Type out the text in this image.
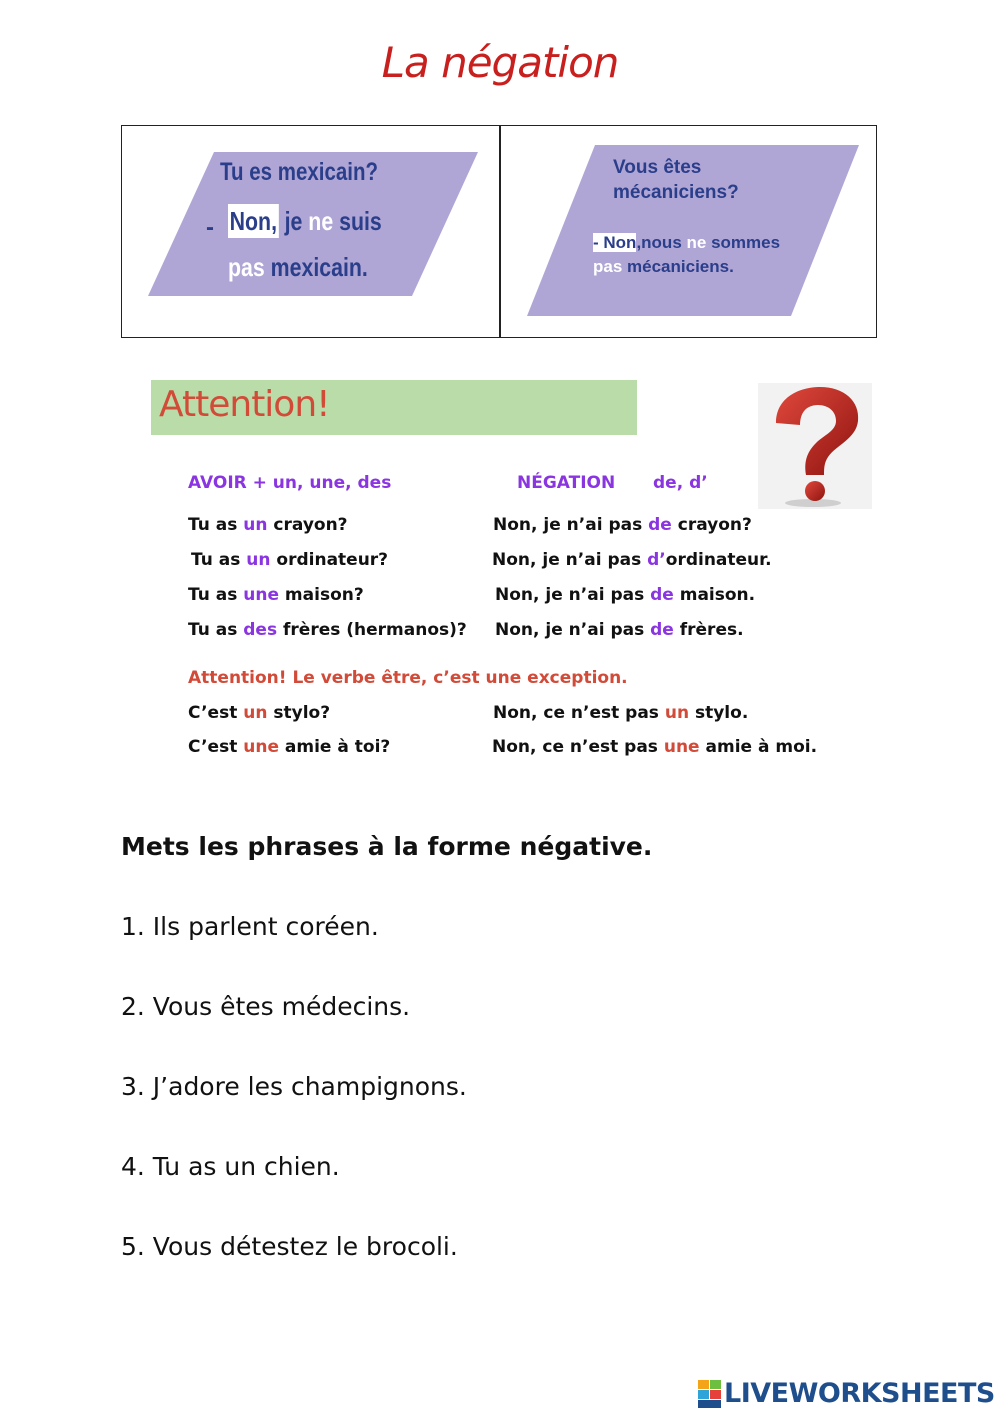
La négation
Tu es mexicain?
- Non, je ne suis
pas mexicain.
Vous êtes
mécaniciens?
- Non,nous ne sommes
pas mécaniciens.
Attention!
AVOIR + un, une, des	NÉGATION de, d’
Tu as un crayon?	Non, je n’ai pas de crayon?
Tu as un ordinateur?	Non, je n’ai pas d’ordinateur.
Tu as une maison?	Non, je n’ai pas de maison.
Tu as des frères (hermanos)? Non, je n’ai pas de frères.
Attention! Le verbe être, c’est une exception.
C’est un stylo?	Non, ce n’est pas un stylo.
C’est une amie à toi?	Non, ce n’est pas une amie à moi.
Mets les phrases à la forme négative.
1. Ils parlent coréen.
2. Vous êtes médecins.
3. J’adore les champignons.
4. Tu as un chien.
5. Vous détestez le brocoli.
LIVEWORKSHEETS
